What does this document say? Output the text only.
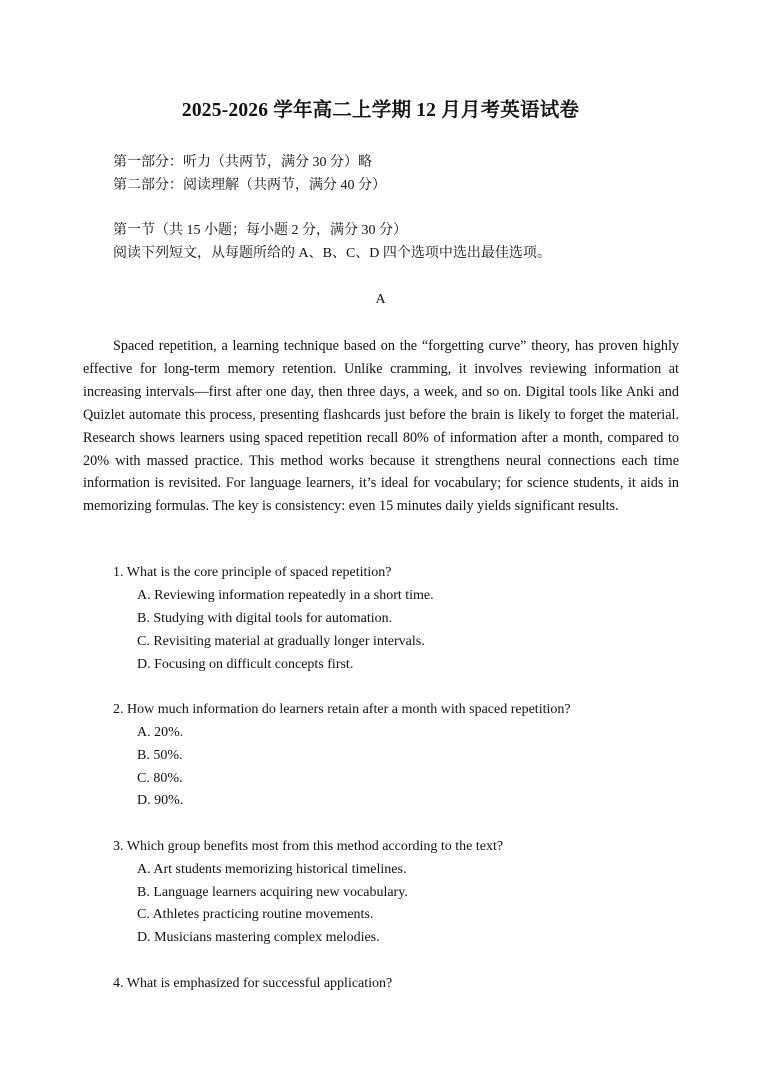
2025-2026 学年高二上学期 12 月月考英语试卷
第一部分：听力（共两节，满分 30 分）略
第二部分：阅读理解（共两节，满分 40 分）
第一节（共 15 小题；每小题 2 分，满分 30 分）
阅读下列短文，从每题所给的 A、B、C、D 四个选项中选出最佳选项。
A
Spaced repetition, a learning technique based on the “forgetting curve” theory, has proven highly effective for long-term memory retention. Unlike cramming, it involves reviewing information at increasing intervals—first after one day, then three days, a week, and so on. Digital tools like Anki and Quizlet automate this process, presenting flashcards just before the brain is likely to forget the material. Research shows learners using spaced repetition recall 80% of information after a month, compared to 20% with massed practice. This method works because it strengthens neural connections each time information is revisited. For language learners, it’s ideal for vocabulary; for science students, it aids in memorizing formulas. The key is consistency: even 15 minutes daily yields significant results.
1. What is the core principle of spaced repetition?
A. Reviewing information repeatedly in a short time.
B. Studying with digital tools for automation.
C. Revisiting material at gradually longer intervals.
D. Focusing on difficult concepts first.
2. How much information do learners retain after a month with spaced repetition?
A. 20%.
B. 50%.
C. 80%.
D. 90%.
3. Which group benefits most from this method according to the text?
A. Art students memorizing historical timelines.
B. Language learners acquiring new vocabulary.
C. Athletes practicing routine movements.
D. Musicians mastering complex melodies.
4. What is emphasized for successful application?
